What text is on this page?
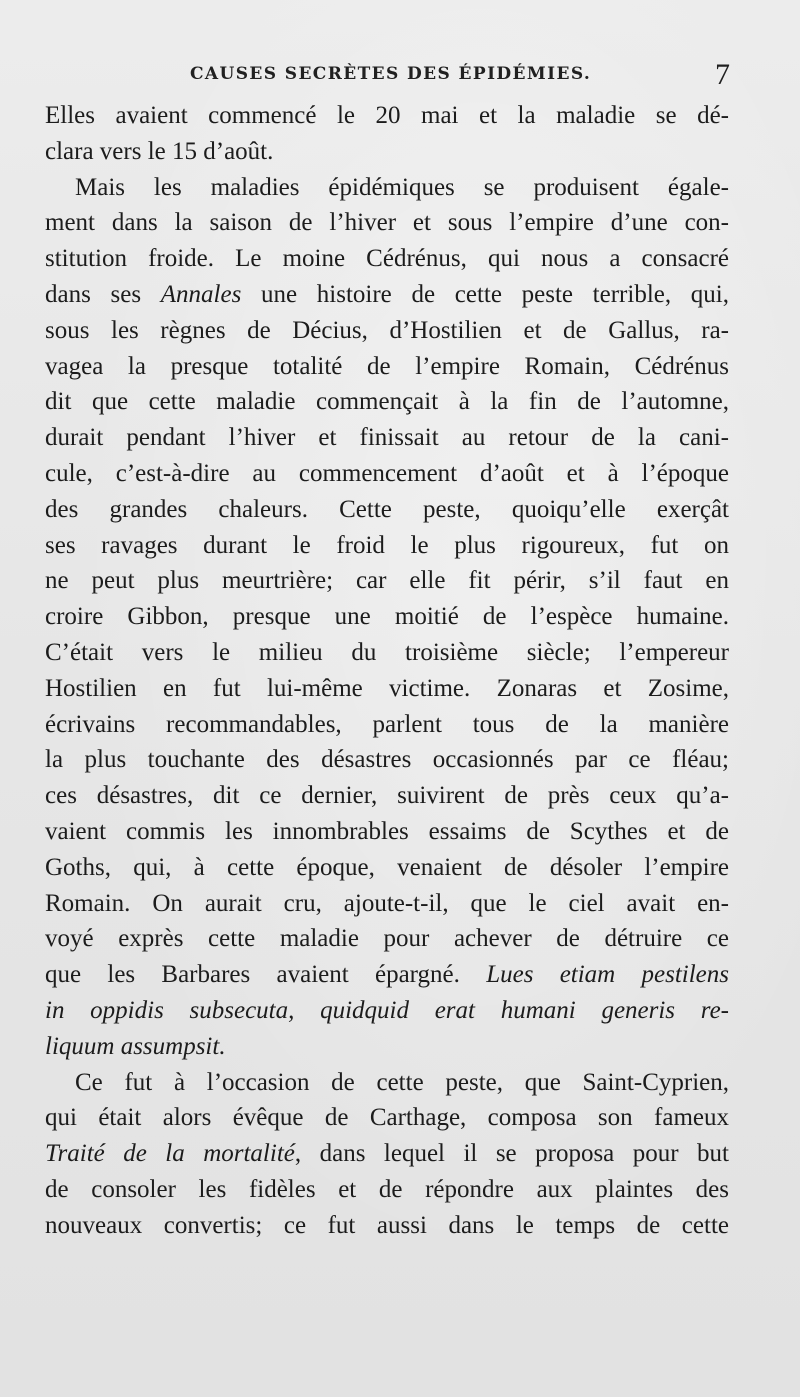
CAUSES SECRÈTES DES ÉPIDÉMIES.	7
Elles avaient commencé le 20 mai et la maladie se dé-
clara vers le 15 d’août.
Mais les maladies épidémiques se produisent égale-
ment dans la saison de l’hiver et sous l’empire d’une con-
stitution froide. Le moine Cédrénus, qui nous a consacré
dans ses Annales une histoire de cette peste terrible, qui,
sous les règnes de Décius, d’Hostilien et de Gallus, ra-
vagea la presque totalité de l’empire Romain, Cédrénus
dit que cette maladie commençait à la fin de l’automne,
durait pendant l’hiver et finissait au retour de la cani-
cule, c’est-à-dire au commencement d’août et à l’époque
des grandes chaleurs. Cette peste, quoiqu’elle exerçât
ses ravages durant le froid le plus rigoureux, fut on
ne peut plus meurtrière; car elle fit périr, s’il faut en
croire Gibbon, presque une moitié de l’espèce humaine.
C’était vers le milieu du troisième siècle; l’empereur
Hostilien en fut lui-même victime. Zonaras et Zosime,
écrivains recommandables, parlent tous de la manière
la plus touchante des désastres occasionnés par ce fléau;
ces désastres, dit ce dernier, suivirent de près ceux qu’a-
vaient commis les innombrables essaims de Scythes et de
Goths, qui, à cette époque, venaient de désoler l’empire
Romain. On aurait cru, ajoute-t-il, que le ciel avait en-
voyé exprès cette maladie pour achever de détruire ce
que les Barbares avaient épargné. Lues etiam pestilens
in oppidis subsecuta, quidquid erat humani generis re-
liquum assumpsit.
Ce fut à l’occasion de cette peste, que Saint-Cyprien,
qui était alors évêque de Carthage, composa son fameux
Traité de la mortalité, dans lequel il se proposa pour but
de consoler les fidèles et de répondre aux plaintes des
nouveaux convertis; ce fut aussi dans le temps de cette
